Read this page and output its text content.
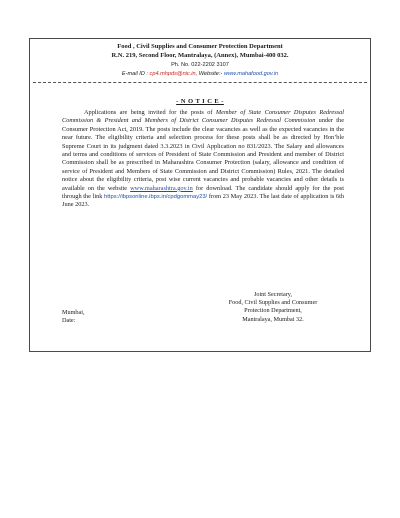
Food , Civil Supplies and Consumer Protection Department
R.N. 219, Second Floor, Mantralaya, (Annex), Mumbai-400 032.
Ph. No. 022-2202 3107
E-mail ID : cp4.mhpds@nic.in, Website:- www.mahafood.gov.in
- N O T I C E -

Applications are being invited for the posts of Member of State Consumer Disputes Redressal Commission & President and Members of District Consumer Disputes Redressal Commission under the Consumer Protection Act, 2019. The posts include the clear vacancies as well as the expected vacancies in the near future. The eligibility criteria and selection process for these posts shall be as directed by Hon’ble Supreme Court in its judgment dated 3.3.2023 in Civil Application no 831/2023. The Salary and allowances and terms and conditions of services of President of State Commission and President and member of District Commission shall be as prescribed in Maharashtra Consumer Protection (salary, allowance and condition of service of President and Members of State Commission and District Commission) Rules, 2021. The detailed notice about the eligibility criteria, post wise current vacancies and probable vacancies and other details is available on the website www.maharashtra.gov.in for download. The candidate should apply for the post through the link https://ibpsonline.ibps.in/cpdgommay23/ from 23 May 2023. The last date of application is 6th June 2023.

Joint Secretary,
Food, Civil Supplies and Consumer
Protection Department,
Mantralaya, Mumbai 32.
Mumbai,
Date:
